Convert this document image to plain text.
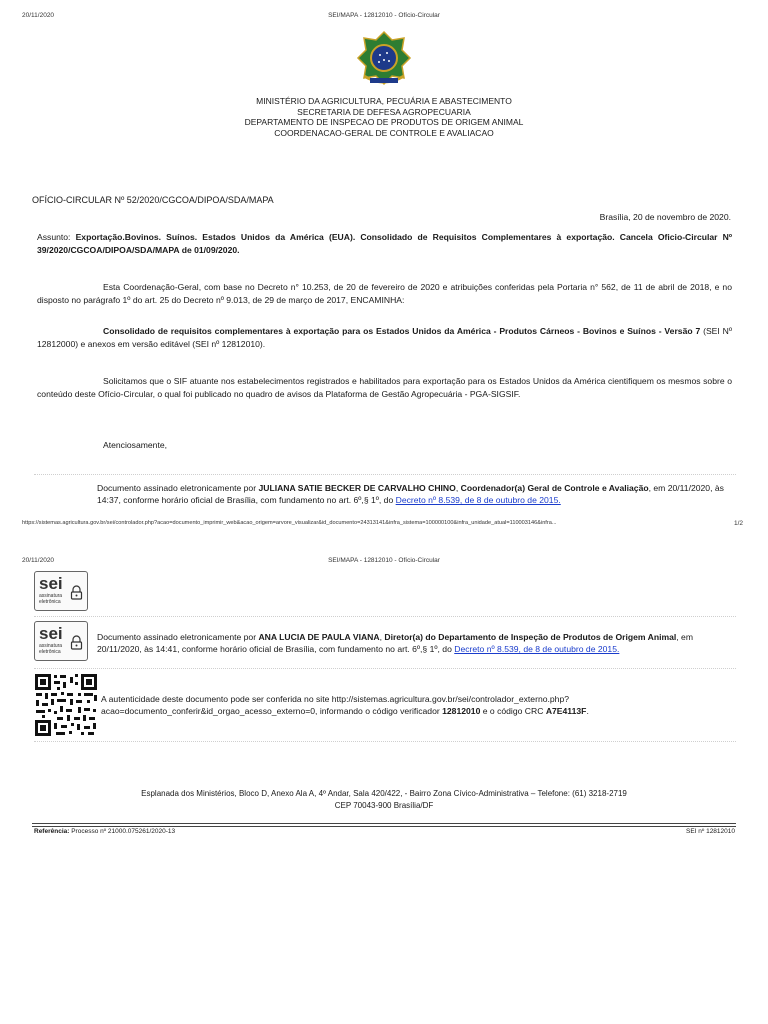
20/11/2020	SEI/MAPA - 12812010 - Ofício-Circular
MINISTÉRIO DA AGRICULTURA, PECUÁRIA E ABASTECIMENTO
SECRETARIA DE DEFESA AGROPECUARIA
DEPARTAMENTO DE INSPECAO DE PRODUTOS DE ORIGEM ANIMAL
COORDENACAO-GERAL DE CONTROLE E AVALIACAO
OFÍCIO-CIRCULAR Nº 52/2020/CGCOA/DIPOA/SDA/MAPA
Brasília, 20 de novembro de 2020.
Assunto: Exportação.Bovinos. Suínos. Estados Unidos da América (EUA). Consolidado de Requisitos Complementares à exportação. Cancela Oficio-Circular Nº 39/2020/CGCOA/DIPOA/SDA/MAPA de 01/09/2020.
Esta Coordenação-Geral, com base no Decreto n° 10.253, de 20 de fevereiro de 2020 e atribuições conferidas pela Portaria n° 562, de 11 de abril de 2018, e no disposto no parágrafo 1º do art. 25 do Decreto nº 9.013, de 29 de março de 2017, ENCAMINHA:
Consolidado de requisitos complementares à exportação para os Estados Unidos da América - Produtos Cárneos - Bovinos e Suínos - Versão 7 (SEI Nº 12812000) e anexos em versão editável (SEI nº 12812010).
Solicitamos que o SIF atuante nos estabelecimentos registrados e habilitados para exportação para os Estados Unidos da América cientifiquem os mesmos sobre o conteúdo deste Ofício-Circular, o qual foi publicado no quadro de avisos da Plataforma de Gestão Agropecuária - PGA-SIGSIF.
Atenciosamente,
Documento assinado eletronicamente por JULIANA SATIE BECKER DE CARVALHO CHINO, Coordenador(a) Geral de Controle e Avaliação, em 20/11/2020, às 14:37, conforme horário oficial de Brasília, com fundamento no art. 6º,§ 1º, do Decreto nº 8.539, de 8 de outubro de 2015.
https://sistemas.agricultura.gov.br/sei/controlador.php?acao=documento_imprimir_web&acao_origem=arvore_visualizar&id_documento=24313141&infra_sistema=100000100&infra_unidade_atual=110003146&infra...	1/2
20/11/2020	SEI/MAPA - 12812010 - Ofício-Circular
sei
assinatura
eletrônica
sei
assinatura
eletrônica
Documento assinado eletronicamente por ANA LUCIA DE PAULA VIANA, Diretor(a) do Departamento de Inspeção de Produtos de Origem Animal, em 20/11/2020, às 14:41, conforme horário oficial de Brasília, com fundamento no art. 6º,§ 1º, do Decreto nº 8.539, de 8 de outubro de 2015.
A autenticidade deste documento pode ser conferida no site http://sistemas.agricultura.gov.br/sei/controlador_externo.php?acao=documento_conferir&id_orgao_acesso_externo=0, informando o código verificador 12812010 e o código CRC A7E4113F.
Esplanada dos Ministérios, Bloco D, Anexo Ala A, 4º Andar, Sala 420/422, - Bairro Zona Cívico-Administrativa – Telefone: (61) 3218-2719
CEP 70043-900 Brasília/DF
Referência: Processo nº 21000.075261/2020-13	SEI nº 12812010
